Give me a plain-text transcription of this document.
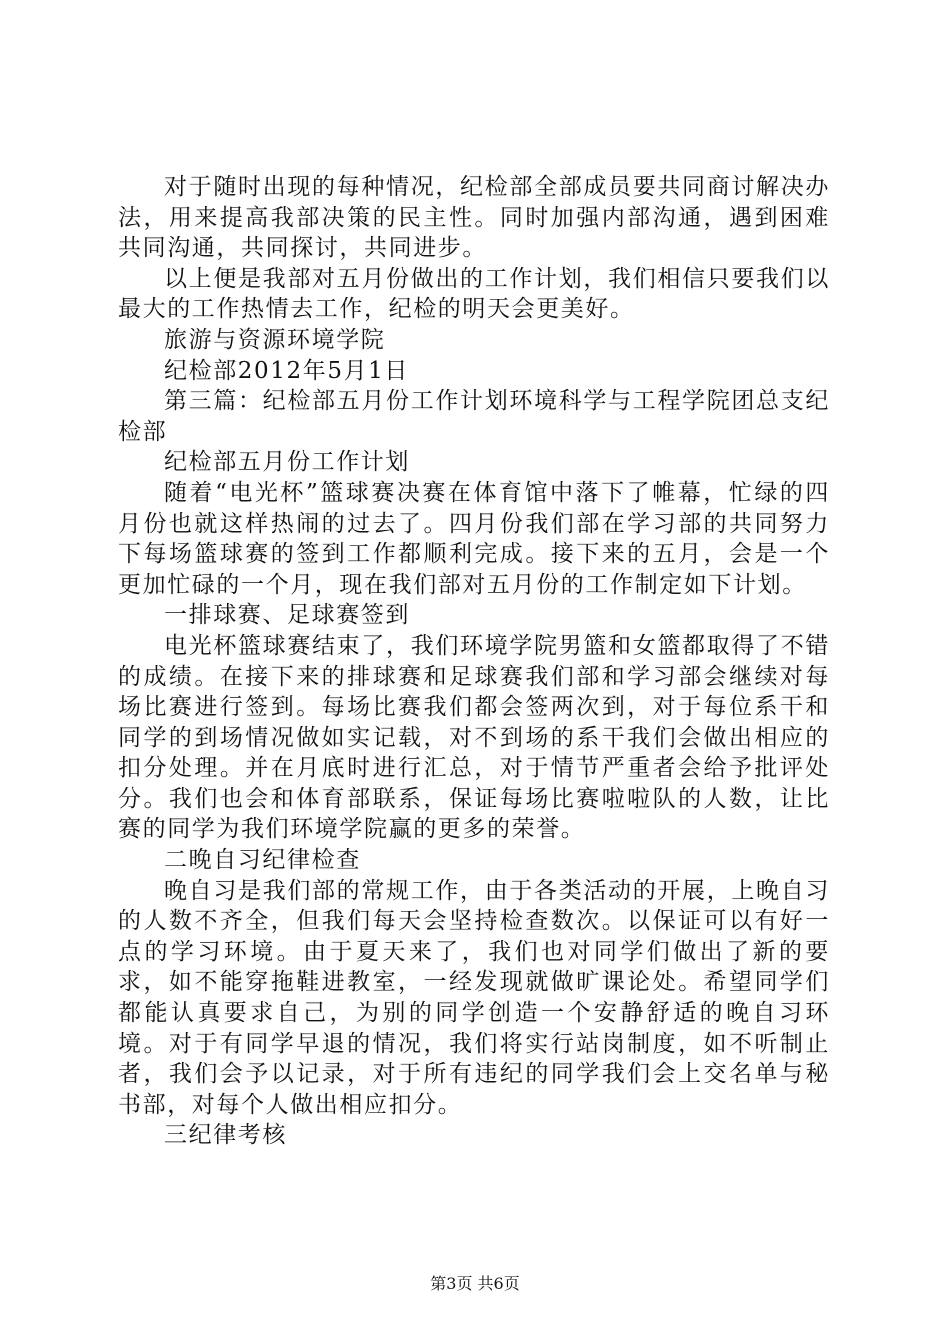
对于随时出现的每种情况，纪检部全部成员要共同商讨解决办法，用来提高我部决策的民主性。同时加强内部沟通，遇到困难共同沟通，共同探讨，共同进步。

以上便是我部对五月份做出的工作计划，我们相信只要我们以最大的工作热情去工作，纪检的明天会更美好。

旅游与资源环境学院

纪检部2012年5月1日

第三篇：纪检部五月份工作计划环境科学与工程学院团总支纪检部

纪检部五月份工作计划

随着“电光杯”篮球赛决赛在体育馆中落下了帷幕，忙绿的四月份也就这样热闹的过去了。四月份我们部在学习部的共同努力下每场篮球赛的签到工作都顺利完成。接下来的五月，会是一个更加忙碌的一个月，现在我们部对五月份的工作制定如下计划。

一排球赛、足球赛签到

电光杯篮球赛结束了，我们环境学院男篮和女篮都取得了不错的成绩。在接下来的排球赛和足球赛我们部和学习部会继续对每场比赛进行签到。每场比赛我们都会签两次到，对于每位系干和同学的到场情况做如实记载，对不到场的系干我们会做出相应的扣分处理。并在月底时进行汇总，对于情节严重者会给予批评处分。我们也会和体育部联系，保证每场比赛啦啦队的人数，让比赛的同学为我们环境学院赢的更多的荣誉。

二晚自习纪律检查

晚自习是我们部的常规工作，由于各类活动的开展，上晚自习的人数不齐全，但我们每天会坚持检查数次。以保证可以有好一点的学习环境。由于夏天来了，我们也对同学们做出了新的要求，如不能穿拖鞋进教室，一经发现就做旷课论处。希望同学们都能认真要求自己，为别的同学创造一个安静舒适的晚自习环境。对于有同学早退的情况，我们将实行站岗制度，如不听制止者，我们会予以记录，对于所有违纪的同学我们会上交名单与秘书部，对每个人做出相应扣分。

三纪律考核

第3页 共6页
